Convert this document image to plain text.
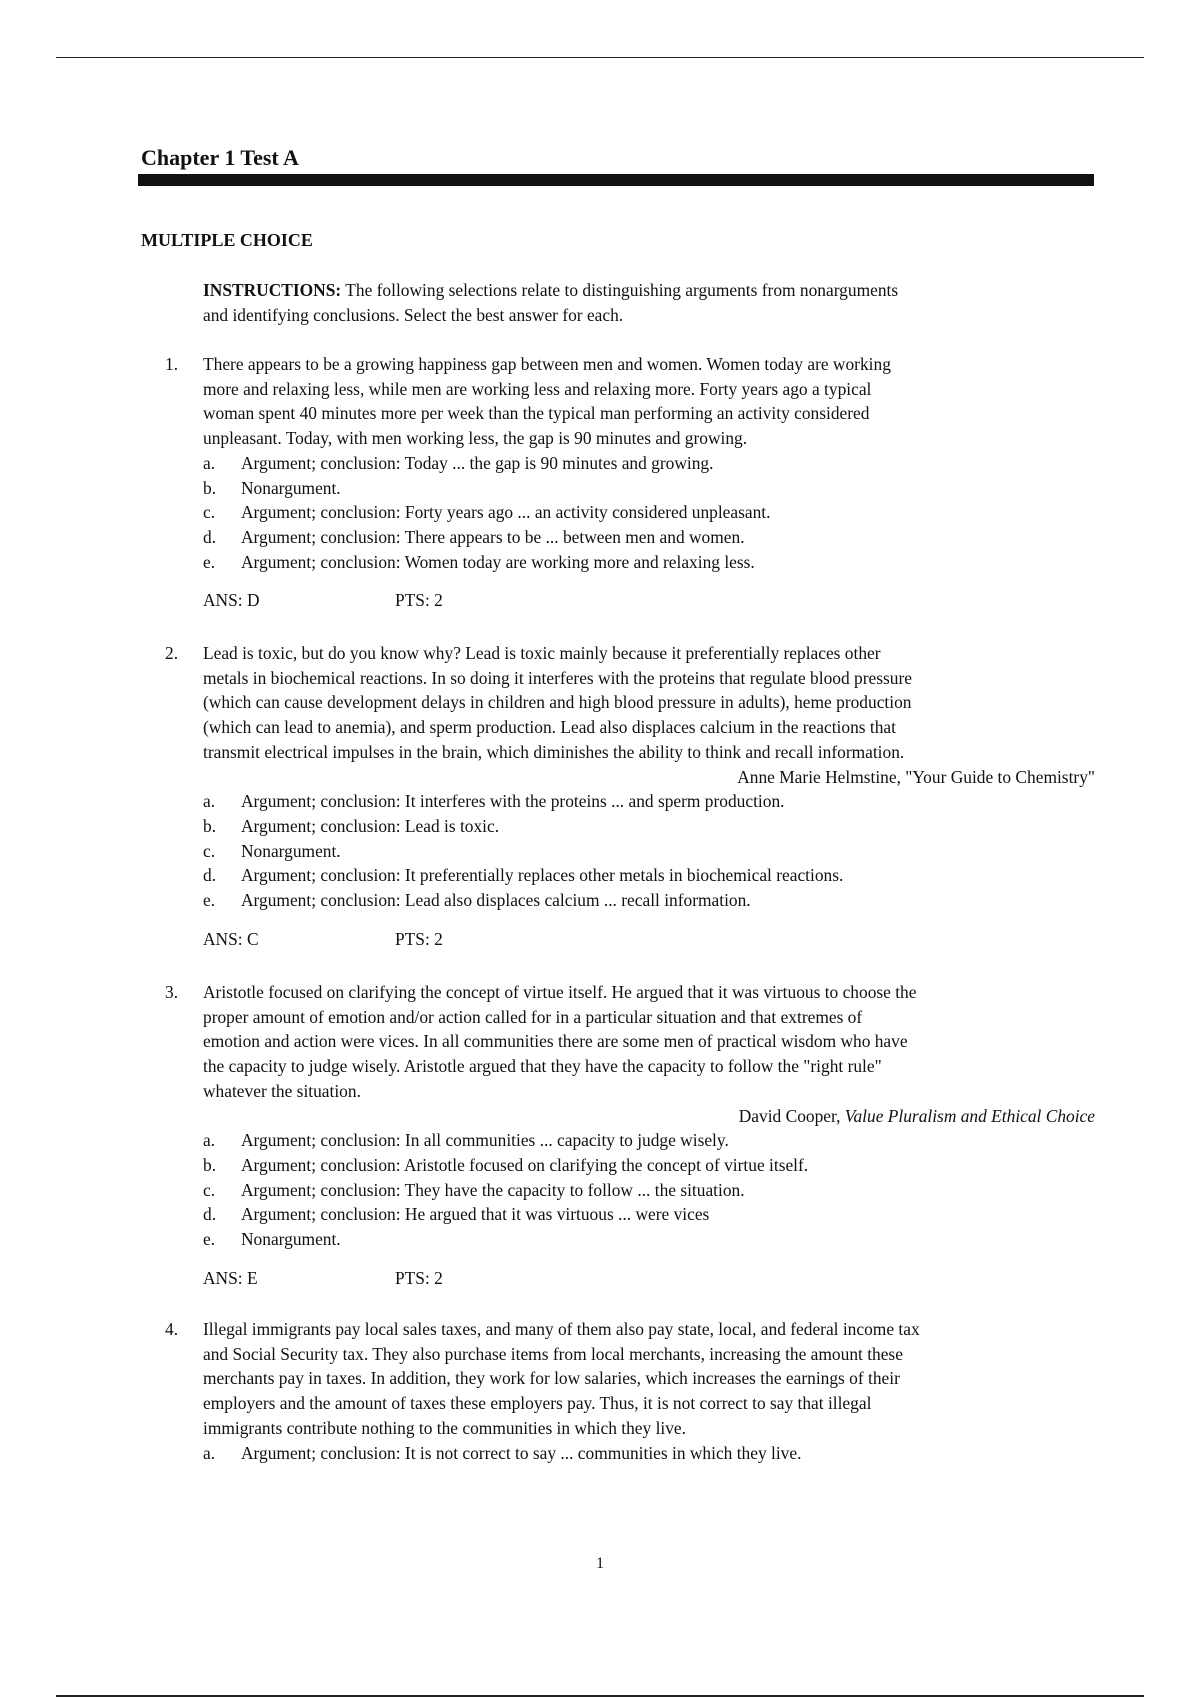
Chapter 1 Test A
MULTIPLE CHOICE
INSTRUCTIONS: The following selections relate to distinguishing arguments from nonarguments
and identifying conclusions. Select the best answer for each.
1.	There appears to be a growing happiness gap between men and women. Women today are working
more and relaxing less, while men are working less and relaxing more. Forty years ago a typical
woman spent 40 minutes more per week than the typical man performing an activity considered
unpleasant. Today, with men working less, the gap is 90 minutes and growing.
a.	Argument; conclusion: Today ... the gap is 90 minutes and growing.
b.	Nonargument.
c.	Argument; conclusion: Forty years ago ... an activity considered unpleasant.
d.	Argument; conclusion: There appears to be ... between men and women.
e.	Argument; conclusion: Women today are working more and relaxing less.
ANS: D	PTS: 2
2.	Lead is toxic, but do you know why? Lead is toxic mainly because it preferentially replaces other
metals in biochemical reactions. In so doing it interferes with the proteins that regulate blood pressure
(which can cause development delays in children and high blood pressure in adults), heme production
(which can lead to anemia), and sperm production. Lead also displaces calcium in the reactions that
transmit electrical impulses in the brain, which diminishes the ability to think and recall information.
Anne Marie Helmstine, "Your Guide to Chemistry"
a.	Argument; conclusion: It interferes with the proteins ... and sperm production.
b.	Argument; conclusion: Lead is toxic.
c.	Nonargument.
d.	Argument; conclusion: It preferentially replaces other metals in biochemical reactions.
e.	Argument; conclusion: Lead also displaces calcium ... recall information.
ANS: C	PTS: 2
3.	Aristotle focused on clarifying the concept of virtue itself. He argued that it was virtuous to choose the
proper amount of emotion and/or action called for in a particular situation and that extremes of
emotion and action were vices. In all communities there are some men of practical wisdom who have
the capacity to judge wisely. Aristotle argued that they have the capacity to follow the "right rule"
whatever the situation.
David Cooper, Value Pluralism and Ethical Choice
a.	Argument; conclusion: In all communities ... capacity to judge wisely.
b.	Argument; conclusion: Aristotle focused on clarifying the concept of virtue itself.
c.	Argument; conclusion: They have the capacity to follow ... the situation.
d.	Argument; conclusion: He argued that it was virtuous ... were vices
e.	Nonargument.
ANS: E	PTS: 2
4.	Illegal immigrants pay local sales taxes, and many of them also pay state, local, and federal income tax
and Social Security tax. They also purchase items from local merchants, increasing the amount these
merchants pay in taxes. In addition, they work for low salaries, which increases the earnings of their
employers and the amount of taxes these employers pay. Thus, it is not correct to say that illegal
immigrants contribute nothing to the communities in which they live.
a.	Argument; conclusion: It is not correct to say ... communities in which they live.
1
